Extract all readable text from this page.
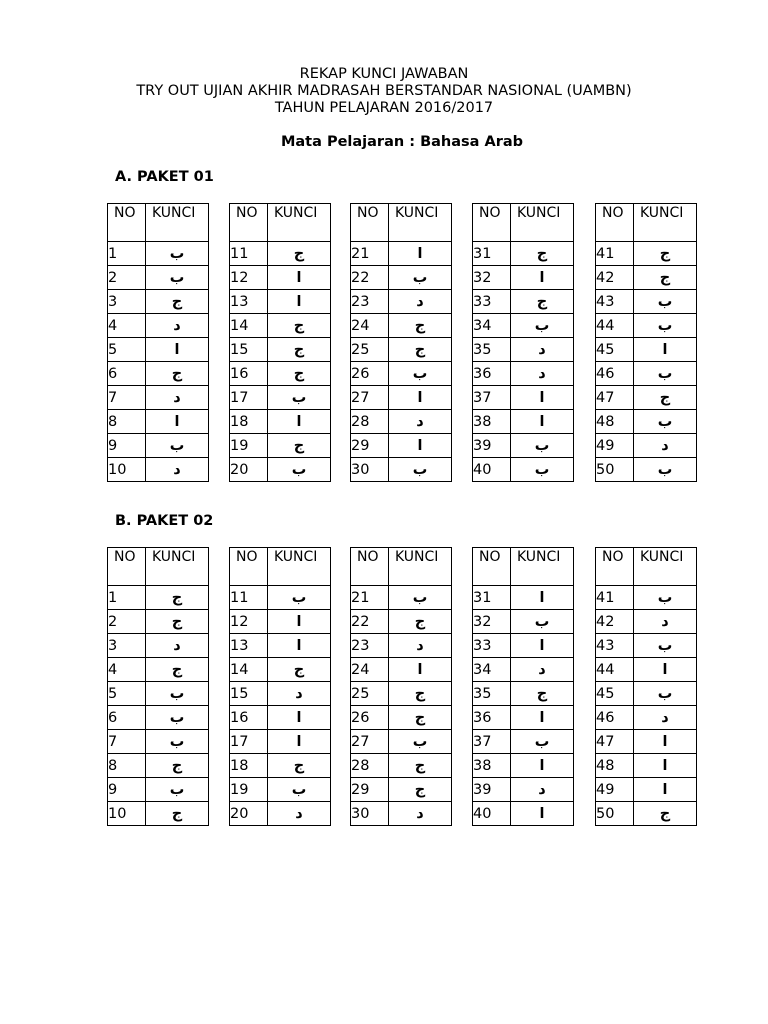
REKAP KUNCI JAWABAN
TRY OUT UJIAN AKHIR MADRASAH BERSTANDAR NASIONAL (UAMBN)
TAHUN PELAJARAN 2016/2017
Mata Pelajaran : Bahasa Arab
A. PAKET 01
NO	KUNCI
1	ب
2	ب
3	ج
4	د
5	ا
6	ج
7	د
8	ا
9	ب
10	د
NO	KUNCI
11	ج
12	ا
13	ا
14	ج
15	ج
16	ج
17	ب
18	ا
19	ج
20	ب
NO	KUNCI
21	ا
22	ب
23	د
24	ج
25	ج
26	ب
27	ا
28	د
29	ا
30	ب
NO	KUNCI
31	ج
32	ا
33	ج
34	ب
35	د
36	د
37	ا
38	ا
39	ب
40	ب
NO	KUNCI
41	ج
42	ج
43	ب
44	ب
45	ا
46	ب
47	ج
48	ب
49	د
50	ب
B. PAKET 02
NO	KUNCI
1	ج
2	ج
3	د
4	ج
5	ب
6	ب
7	ب
8	ج
9	ب
10	ج
NO	KUNCI
11	ب
12	ا
13	ا
14	ج
15	د
16	ا
17	ا
18	ج
19	ب
20	د
NO	KUNCI
21	ب
22	ج
23	د
24	ا
25	ج
26	ج
27	ب
28	ج
29	ج
30	د
NO	KUNCI
31	ا
32	ب
33	ا
34	د
35	ج
36	ا
37	ب
38	ا
39	د
40	ا
NO	KUNCI
41	ب
42	د
43	ب
44	ا
45	ب
46	د
47	ا
48	ا
49	ا
50	ج
